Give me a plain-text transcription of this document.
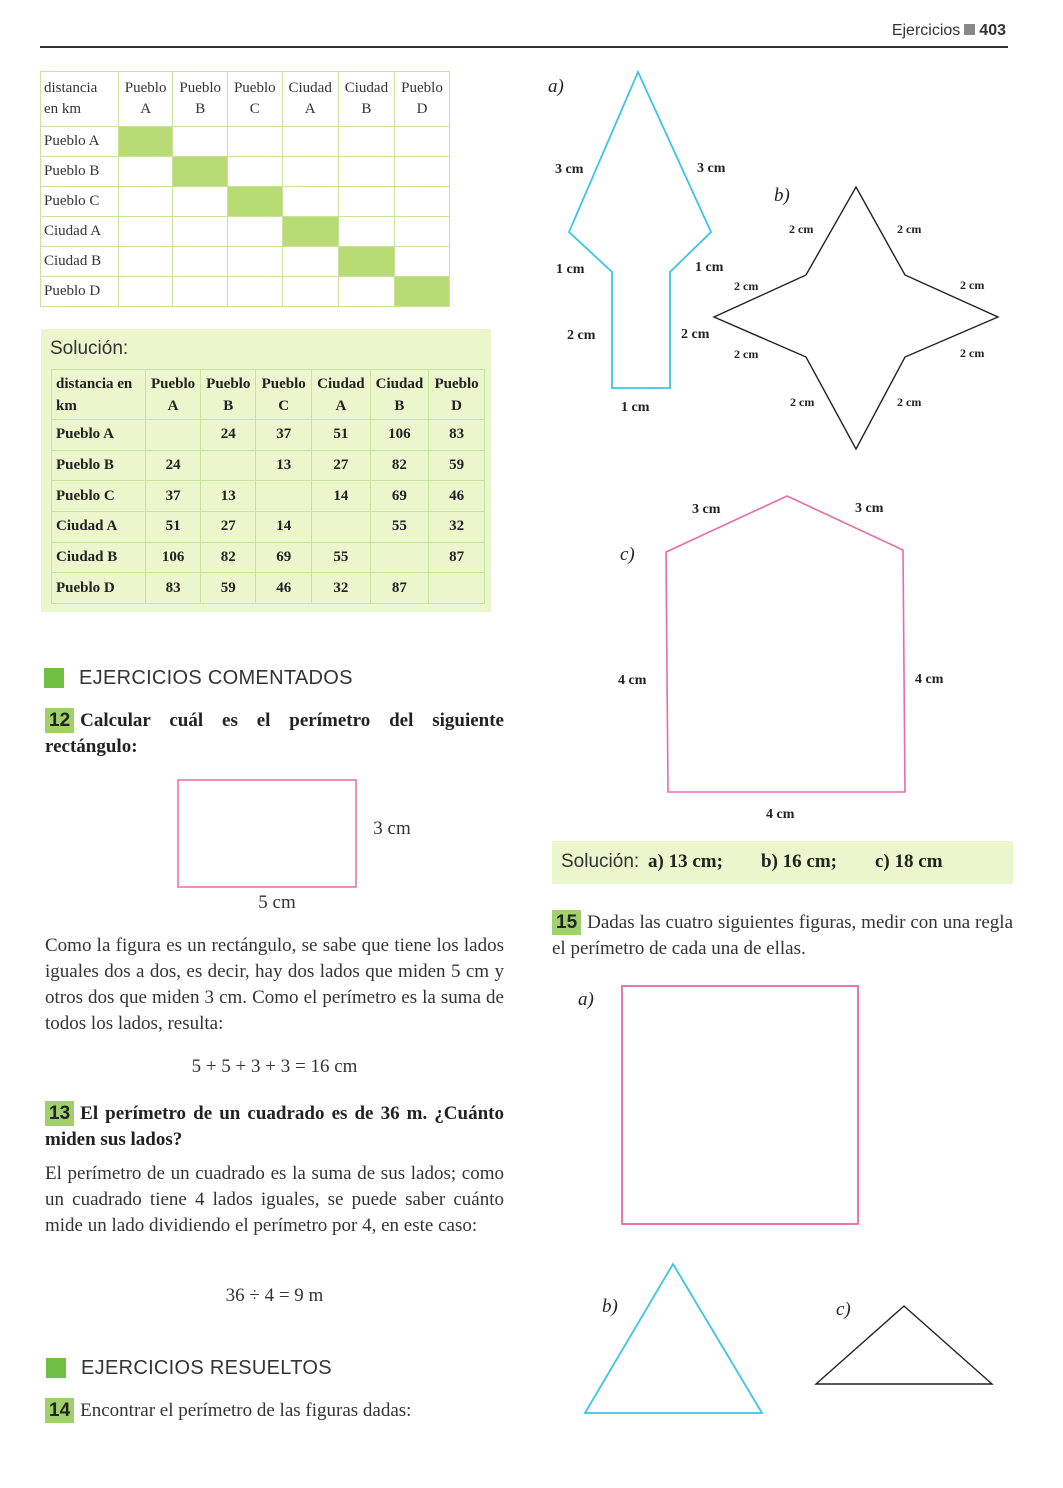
Ejercicios 403
distancia en km	Pueblo A	Pueblo B	Pueblo C	Ciudad A	Ciudad B	Pueblo D
Pueblo A						
Pueblo B						
Pueblo C						
Ciudad A						
Ciudad B						
Pueblo D						
Solución:
distancia en km	Pueblo A	Pueblo B	Pueblo C	Ciudad A	Ciudad B	Pueblo D
Pueblo A		24	37	51	106	83
Pueblo B	24		13	27	82	59
Pueblo C	37	13		14	69	46
Ciudad A	51	27	14		55	32
Ciudad B	106	82	69	55		87
Pueblo D	83	59	46	32	87	
EJERCICIOS COMENTADOS
12 Calcular cuál es el perímetro del siguiente rectángulo:
a)
3 cm	3 cm
1 cm	1 cm
2 cm	2 cm
1 cm
b)
2 cm	2 cm
2 cm	2 cm
2 cm	2 cm
2 cm	2 cm
c)
3 cm	3 cm
4 cm	4 cm
4 cm
a)
b)	c)
3 cm
5 cm
Como la figura es un rectángulo, se sabe que tiene los lados iguales dos a dos, es decir, hay dos lados que miden 5 cm y otros dos que miden 3 cm. Como el perímetro es la suma de todos los lados, resulta:
5 + 5 + 3 + 3 = 16 cm
13 El perímetro de un cuadrado es de 36 m. ¿Cuánto miden sus lados?
El perímetro de un cuadrado es la suma de sus lados; como un cuadrado tiene 4 lados iguales, se puede saber cuánto mide un lado dividiendo el perímetro por 4, en este caso:
36 ÷ 4 = 9 m
EJERCICIOS RESUELTOS
14 Encontrar el perímetro de las figuras dadas:
Solución: a) 13 cm; b) 16 cm; c) 18 cm
15 Dadas las cuatro siguientes figuras, medir con una regla el perímetro de cada una de ellas.
